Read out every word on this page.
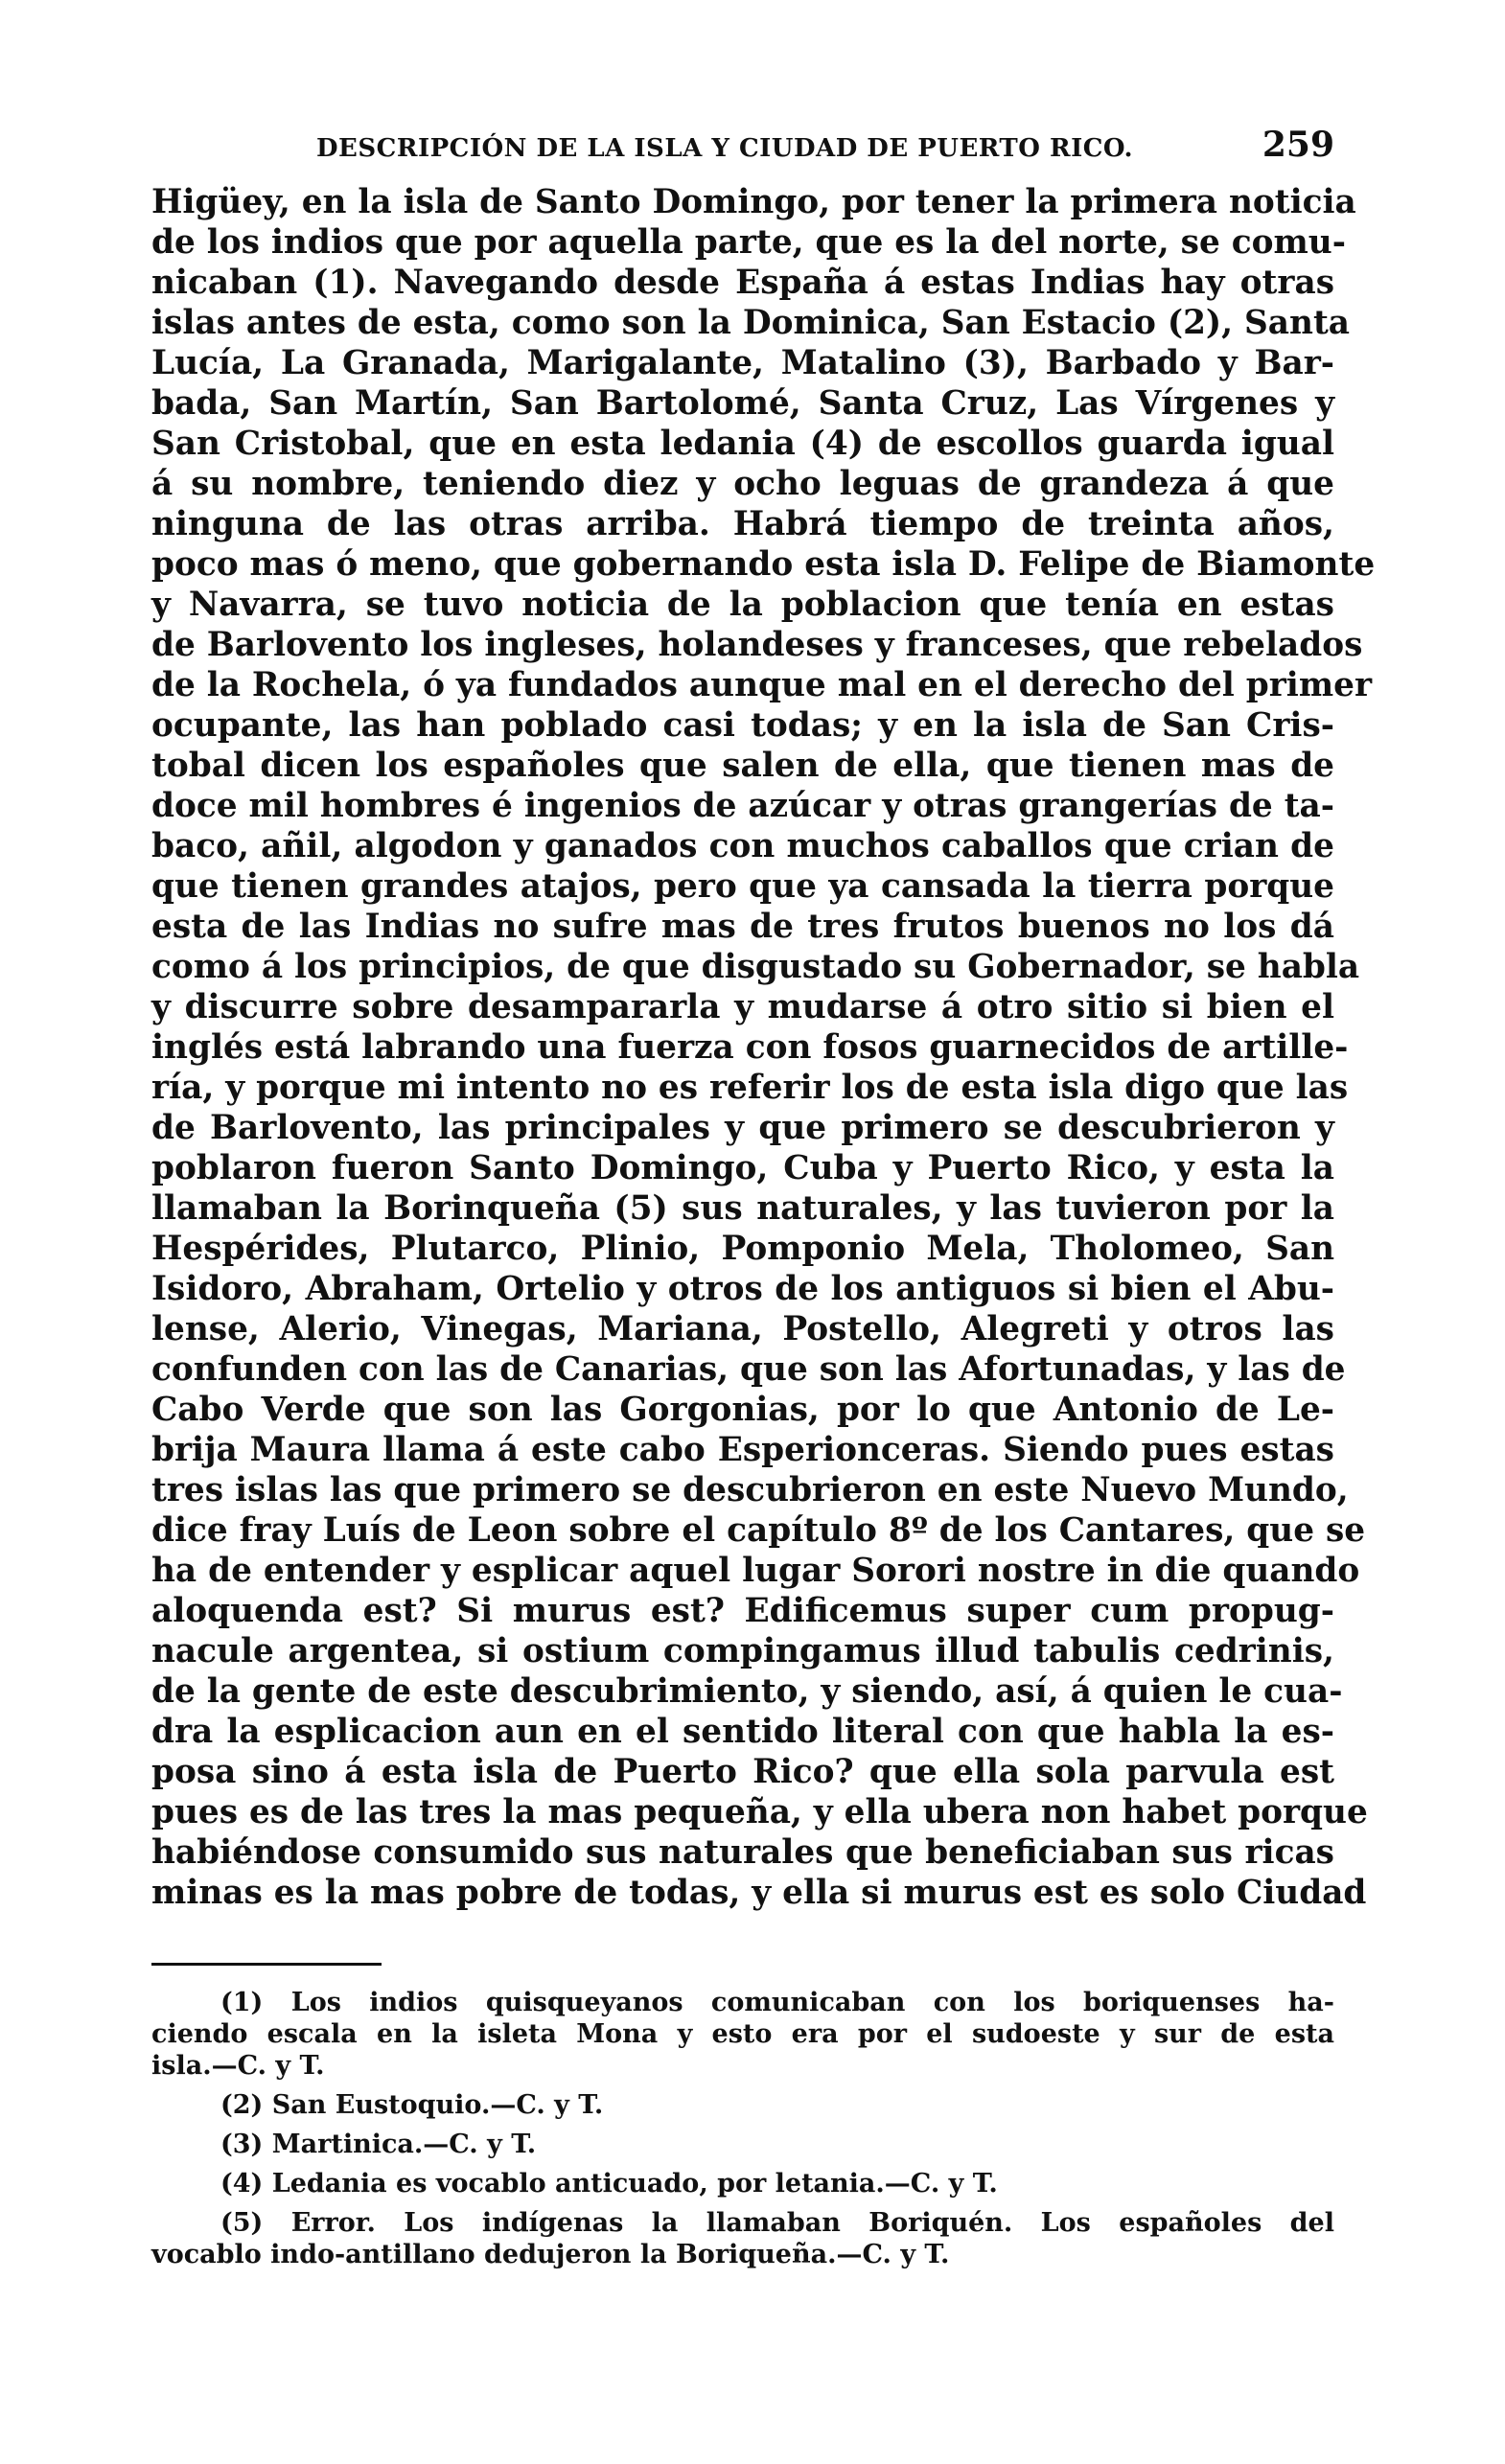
DESCRIPCIÓN DE LA ISLA Y CIUDAD DE PUERTO RICO.	259
Higüey, en la isla de Santo Domingo, por tener la primera noticia
de los indios que por aquella parte, que es la del norte, se comu-
nicaban (1). Navegando desde España á estas Indias hay otras
islas antes de esta, como son la Dominica, San Estacio (2), Santa
Lucía, La Granada, Marigalante, Matalino (3), Barbado y Bar-
bada, San Martín, San Bartolomé, Santa Cruz, Las Vírgenes y
San Cristobal, que en esta ledania (4) de escollos guarda igual
á su nombre, teniendo diez y ocho leguas de grandeza á que
ninguna de las otras arriba. Habrá tiempo de treinta años,
poco mas ó meno, que gobernando esta isla D. Felipe de Biamonte
y Navarra, se tuvo noticia de la poblacion que tenía en estas
de Barlovento los ingleses, holandeses y franceses, que rebelados
de la Rochela, ó ya fundados aunque mal en el derecho del primer
ocupante, las han poblado casi todas; y en la isla de San Cris-
tobal dicen los españoles que salen de ella, que tienen mas de
doce mil hombres é ingenios de azúcar y otras grangerías de ta-
baco, añil, algodon y ganados con muchos caballos que crian de
que tienen grandes atajos, pero que ya cansada la tierra porque
esta de las Indias no sufre mas de tres frutos buenos no los dá
como á los principios, de que disgustado su Gobernador, se habla
y discurre sobre desampararla y mudarse á otro sitio si bien el
inglés está labrando una fuerza con fosos guarnecidos de artille-
ría, y porque mi intento no es referir los de esta isla digo que las
de Barlovento, las principales y que primero se descubrieron y
poblaron fueron Santo Domingo, Cuba y Puerto Rico, y esta la
llamaban la Borinqueña (5) sus naturales, y las tuvieron por la
Hespérides, Plutarco, Plinio, Pomponio Mela, Tholomeo, San
Isidoro, Abraham, Ortelio y otros de los antiguos si bien el Abu-
lense, Alerio, Vinegas, Mariana, Postello, Alegreti y otros las
confunden con las de Canarias, que son las Afortunadas, y las de
Cabo Verde que son las Gorgonias, por lo que Antonio de Le-
brija Maura llama á este cabo Esperionceras. Siendo pues estas
tres islas las que primero se descubrieron en este Nuevo Mundo,
dice fray Luís de Leon sobre el capítulo 8º de los Cantares, que se
ha de entender y esplicar aquel lugar Sorori nostre in die quando
aloquenda est? Si murus est? Edificemus super cum propug-
nacule argentea, si ostium compingamus illud tabulis cedrinis,
de la gente de este descubrimiento, y siendo, así, á quien le cua-
dra la esplicacion aun en el sentido literal con que habla la es-
posa sino á esta isla de Puerto Rico? que ella sola parvula est
pues es de las tres la mas pequeña, y ella ubera non habet porque
habiéndose consumido sus naturales que beneficiaban sus ricas
minas es la mas pobre de todas, y ella si murus est es solo Ciudad
(1) Los indios quisqueyanos comunicaban con los boriquenses ha-
ciendo escala en la isleta Mona y esto era por el sudoeste y sur de esta
isla.—C. y T.
(2) San Eustoquio.—C. y T.
(3) Martinica.—C. y T.
(4) Ledania es vocablo anticuado, por letania.—C. y T.
(5) Error. Los indígenas la llamaban Boriquén. Los españoles del
vocablo indo-antillano dedujeron la Boriqueña.—C. y T.
